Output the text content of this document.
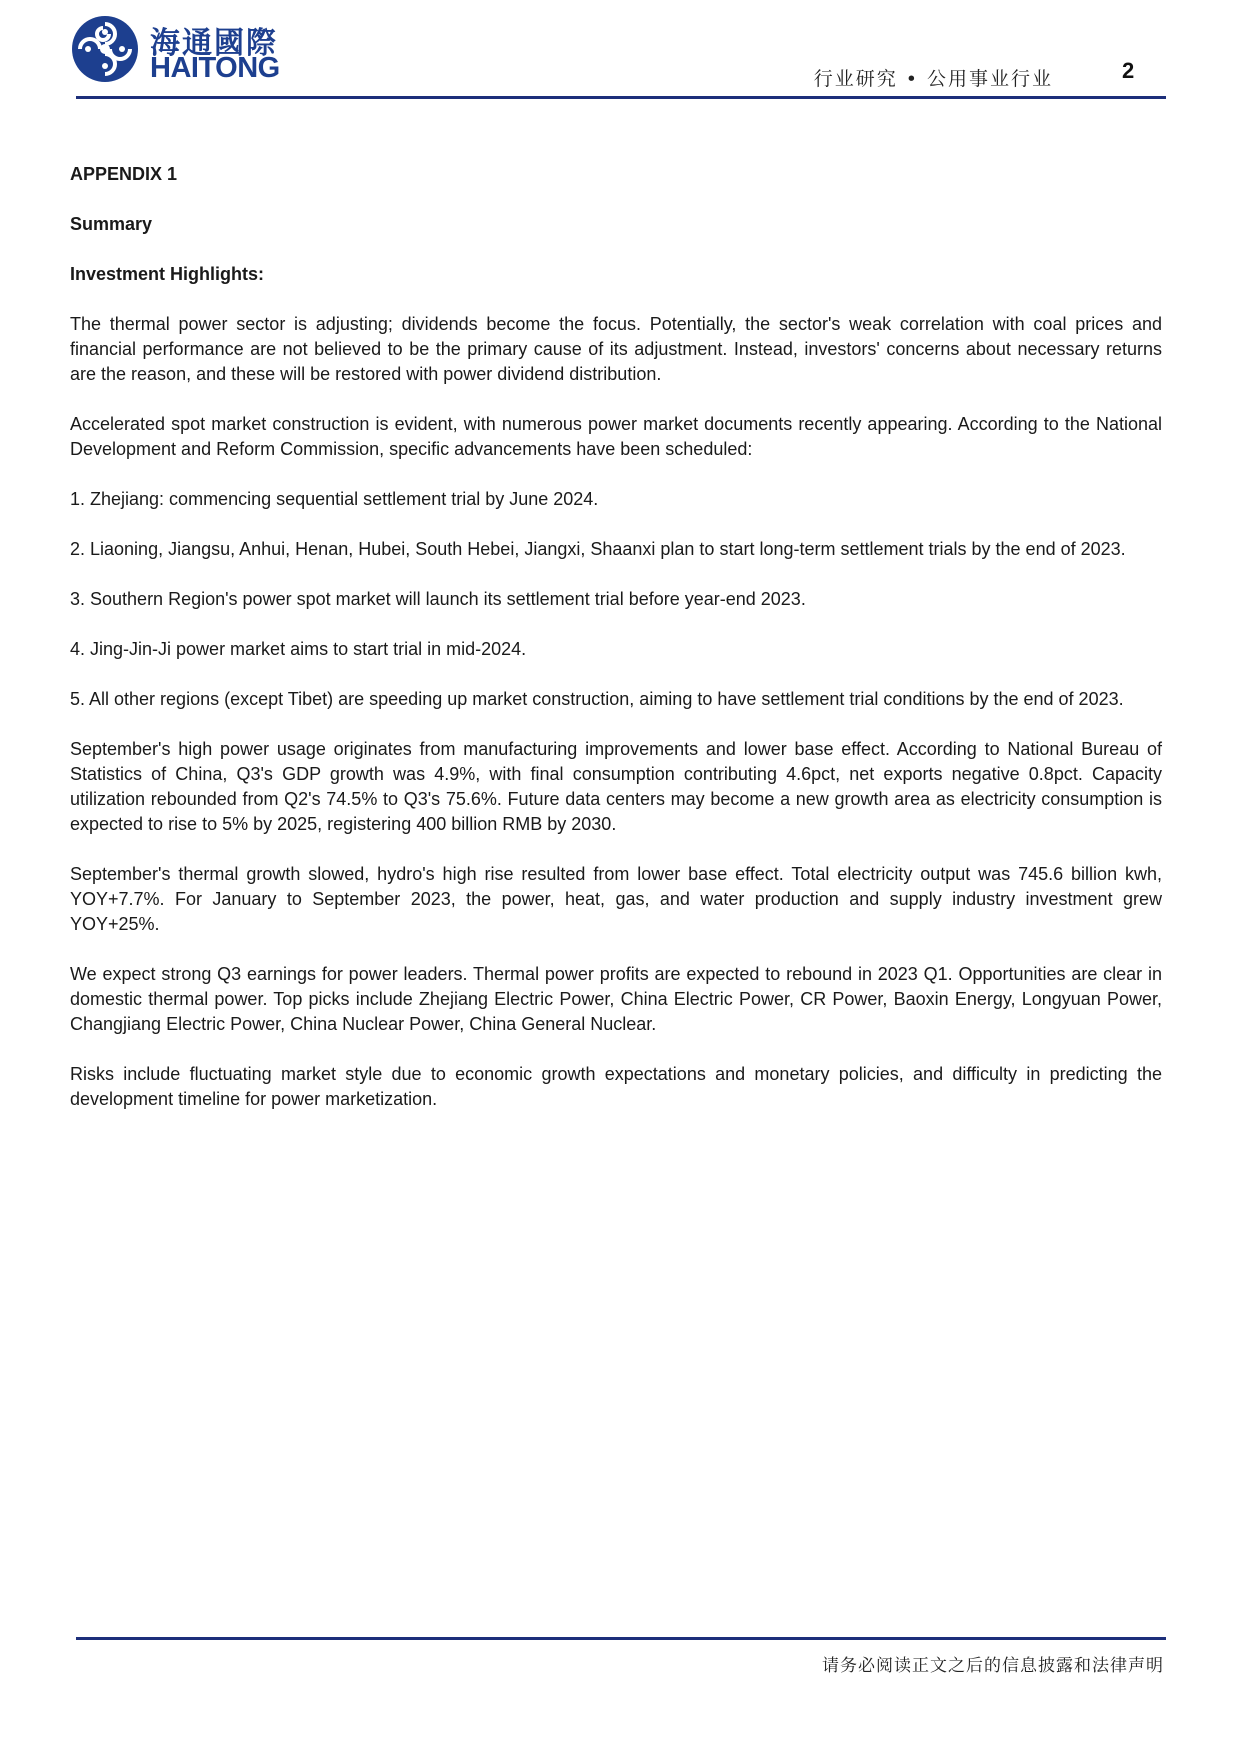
海通國際
HAITONG	行业研究 • 公用事业行业	2
APPENDIX 1
Summary
Investment Highlights:

The thermal power sector is adjusting; dividends become the focus. Potentially, the sector's weak correlation with coal prices and financial performance are not believed to be the primary cause of its adjustment. Instead, investors' concerns about necessary returns are the reason, and these will be restored with power dividend distribution.

Accelerated spot market construction is evident, with numerous power market documents recently appearing. According to the National Development and Reform Commission, specific advancements have been scheduled:

1. Zhejiang: commencing sequential settlement trial by June 2024.

2. Liaoning, Jiangsu, Anhui, Henan, Hubei, South Hebei, Jiangxi, Shaanxi plan to start long-term settlement trials by the end of 2023.

3. Southern Region's power spot market will launch its settlement trial before year-end 2023.

4. Jing-Jin-Ji power market aims to start trial in mid-2024.

5. All other regions (except Tibet) are speeding up market construction, aiming to have settlement trial conditions by the end of 2023.

September's high power usage originates from manufacturing improvements and lower base effect. According to National Bureau of Statistics of China, Q3's GDP growth was 4.9%, with final consumption contributing 4.6pct, net exports negative 0.8pct. Capacity utilization rebounded from Q2's 74.5% to Q3's 75.6%. Future data centers may become a new growth area as electricity consumption is expected to rise to 5% by 2025, registering 400 billion RMB by 2030.

September's thermal growth slowed, hydro's high rise resulted from lower base effect. Total electricity output was 745.6 billion kwh, YOY+7.7%. For January to September 2023, the power, heat, gas, and water production and supply industry investment grew YOY+25%.

We expect strong Q3 earnings for power leaders. Thermal power profits are expected to rebound in 2023 Q1. Opportunities are clear in domestic thermal power. Top picks include Zhejiang Electric Power, China Electric Power, CR Power, Baoxin Energy, Longyuan Power, Changjiang Electric Power, China Nuclear Power, China General Nuclear.

Risks include fluctuating market style due to economic growth expectations and monetary policies, and difficulty in predicting the development timeline for power marketization.

请务必阅读正文之后的信息披露和法律声明
